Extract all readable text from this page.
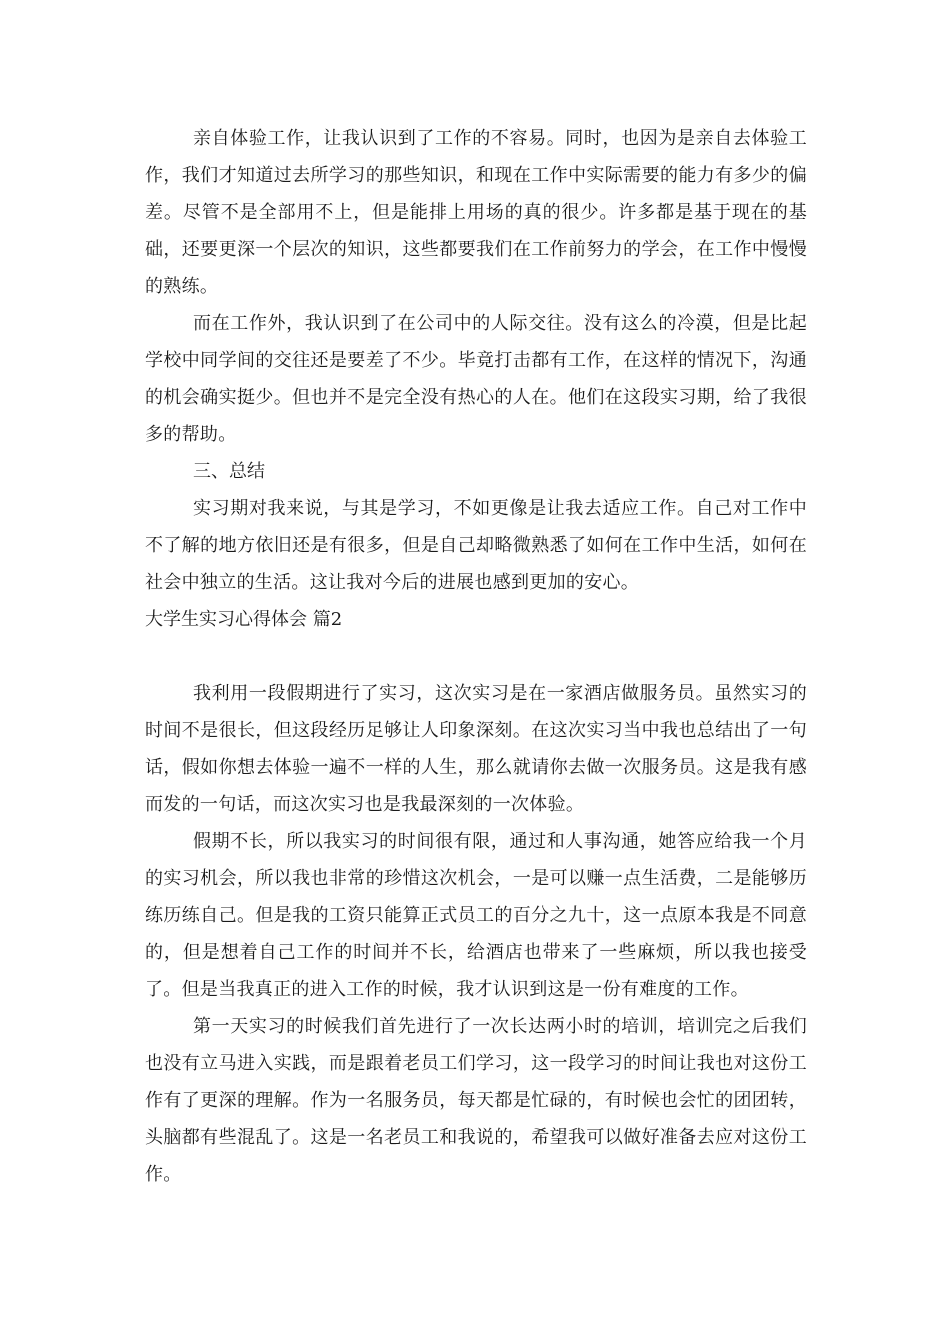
亲自体验工作，让我认识到了工作的不容易。同时，也因为是亲自去体验工作，我们才知道过去所学习的那些知识，和现在工作中实际需要的能力有多少的偏差。尽管不是全部用不上，但是能排上用场的真的很少。许多都是基于现在的基础，还要更深一个层次的知识，这些都要我们在工作前努力的学会，在工作中慢慢的熟练。

而在工作外，我认识到了在公司中的人际交往。没有这么的冷漠，但是比起学校中同学间的交往还是要差了不少。毕竟打击都有工作，在这样的情况下，沟通的机会确实挺少。但也并不是完全没有热心的人在。他们在这段实习期，给了我很多的帮助。

三、总结

实习期对我来说，与其是学习，不如更像是让我去适应工作。自己对工作中不了解的地方依旧还是有很多，但是自己却略微熟悉了如何在工作中生活，如何在社会中独立的生活。这让我对今后的进展也感到更加的安心。

大学生实习心得体会 篇2

我利用一段假期进行了实习，这次实习是在一家酒店做服务员。虽然实习的时间不是很长，但这段经历足够让人印象深刻。在这次实习当中我也总结出了一句话，假如你想去体验一遍不一样的人生，那么就请你去做一次服务员。这是我有感而发的一句话，而这次实习也是我最深刻的一次体验。

假期不长，所以我实习的时间很有限，通过和人事沟通，她答应给我一个月的实习机会，所以我也非常的珍惜这次机会，一是可以赚一点生活费，二是能够历练历练自己。但是我的工资只能算正式员工的百分之九十，这一点原本我是不同意的，但是想着自己工作的时间并不长，给酒店也带来了一些麻烦，所以我也接受了。但是当我真正的进入工作的时候，我才认识到这是一份有难度的工作。

第一天实习的时候我们首先进行了一次长达两小时的培训，培训完之后我们也没有立马进入实践，而是跟着老员工们学习，这一段学习的时间让我也对这份工作有了更深的理解。作为一名服务员，每天都是忙碌的，有时候也会忙的团团转，头脑都有些混乱了。这是一名老员工和我说的，希望我可以做好准备去应对这份工作。
